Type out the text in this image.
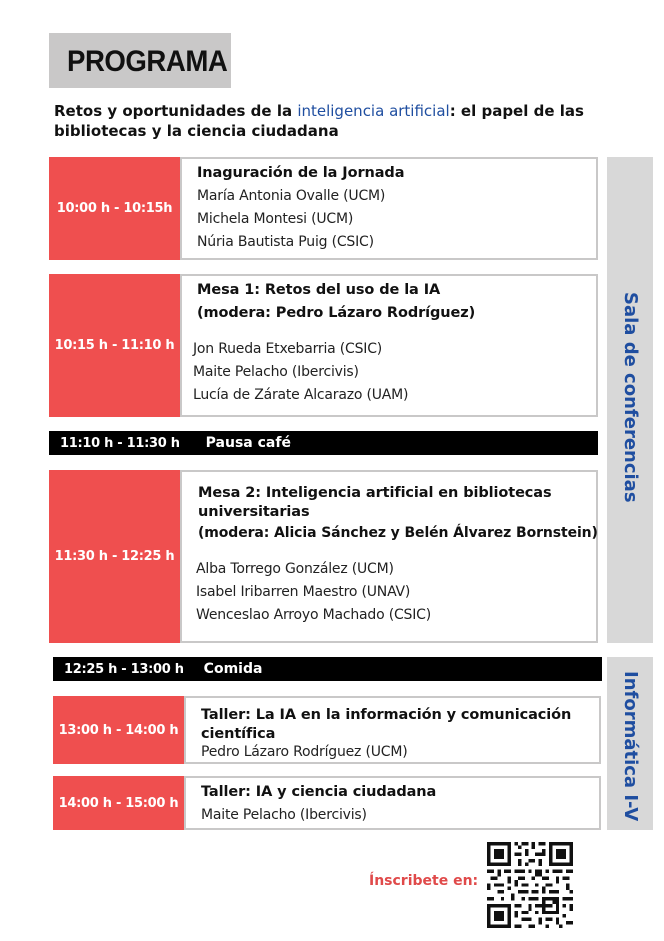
PROGRAMA
Retos y oportunidades de la inteligencia artificial: el papel de las bibliotecas y la ciencia ciudadana
10:00 h - 10:15h
Inaguración de la Jornada
María Antonia Ovalle (UCM)
Michela Montesi (UCM)
Núria Bautista Puig (CSIC)
10:15 h - 11:10 h
Mesa 1: Retos del uso de la IA
(modera: Pedro Lázaro Rodríguez)
Jon Rueda Etxebarria (CSIC)
Maite Pelacho (Ibercivis)
Lucía de Zárate Alcarazo (UAM)
11:10 h - 11:30 h Pausa café
11:30 h - 12:25 h
Mesa 2: Inteligencia artificial en bibliotecas universitarias
(modera: Alicia Sánchez y Belén Álvarez Bornstein)
Alba Torrego González (UCM)
Isabel Iribarren Maestro (UNAV)
Wenceslao Arroyo Machado (CSIC)
Sala de conferencias
12:25 h - 13:00 h Comida
13:00 h - 14:00 h
Taller: La IA en la información y comunicación científica
Pedro Lázaro Rodríguez (UCM)
14:00 h - 15:00 h
Taller: IA y ciencia ciudadana
Maite Pelacho (Ibercivis)	Informática I-V
Ínscribete en:
